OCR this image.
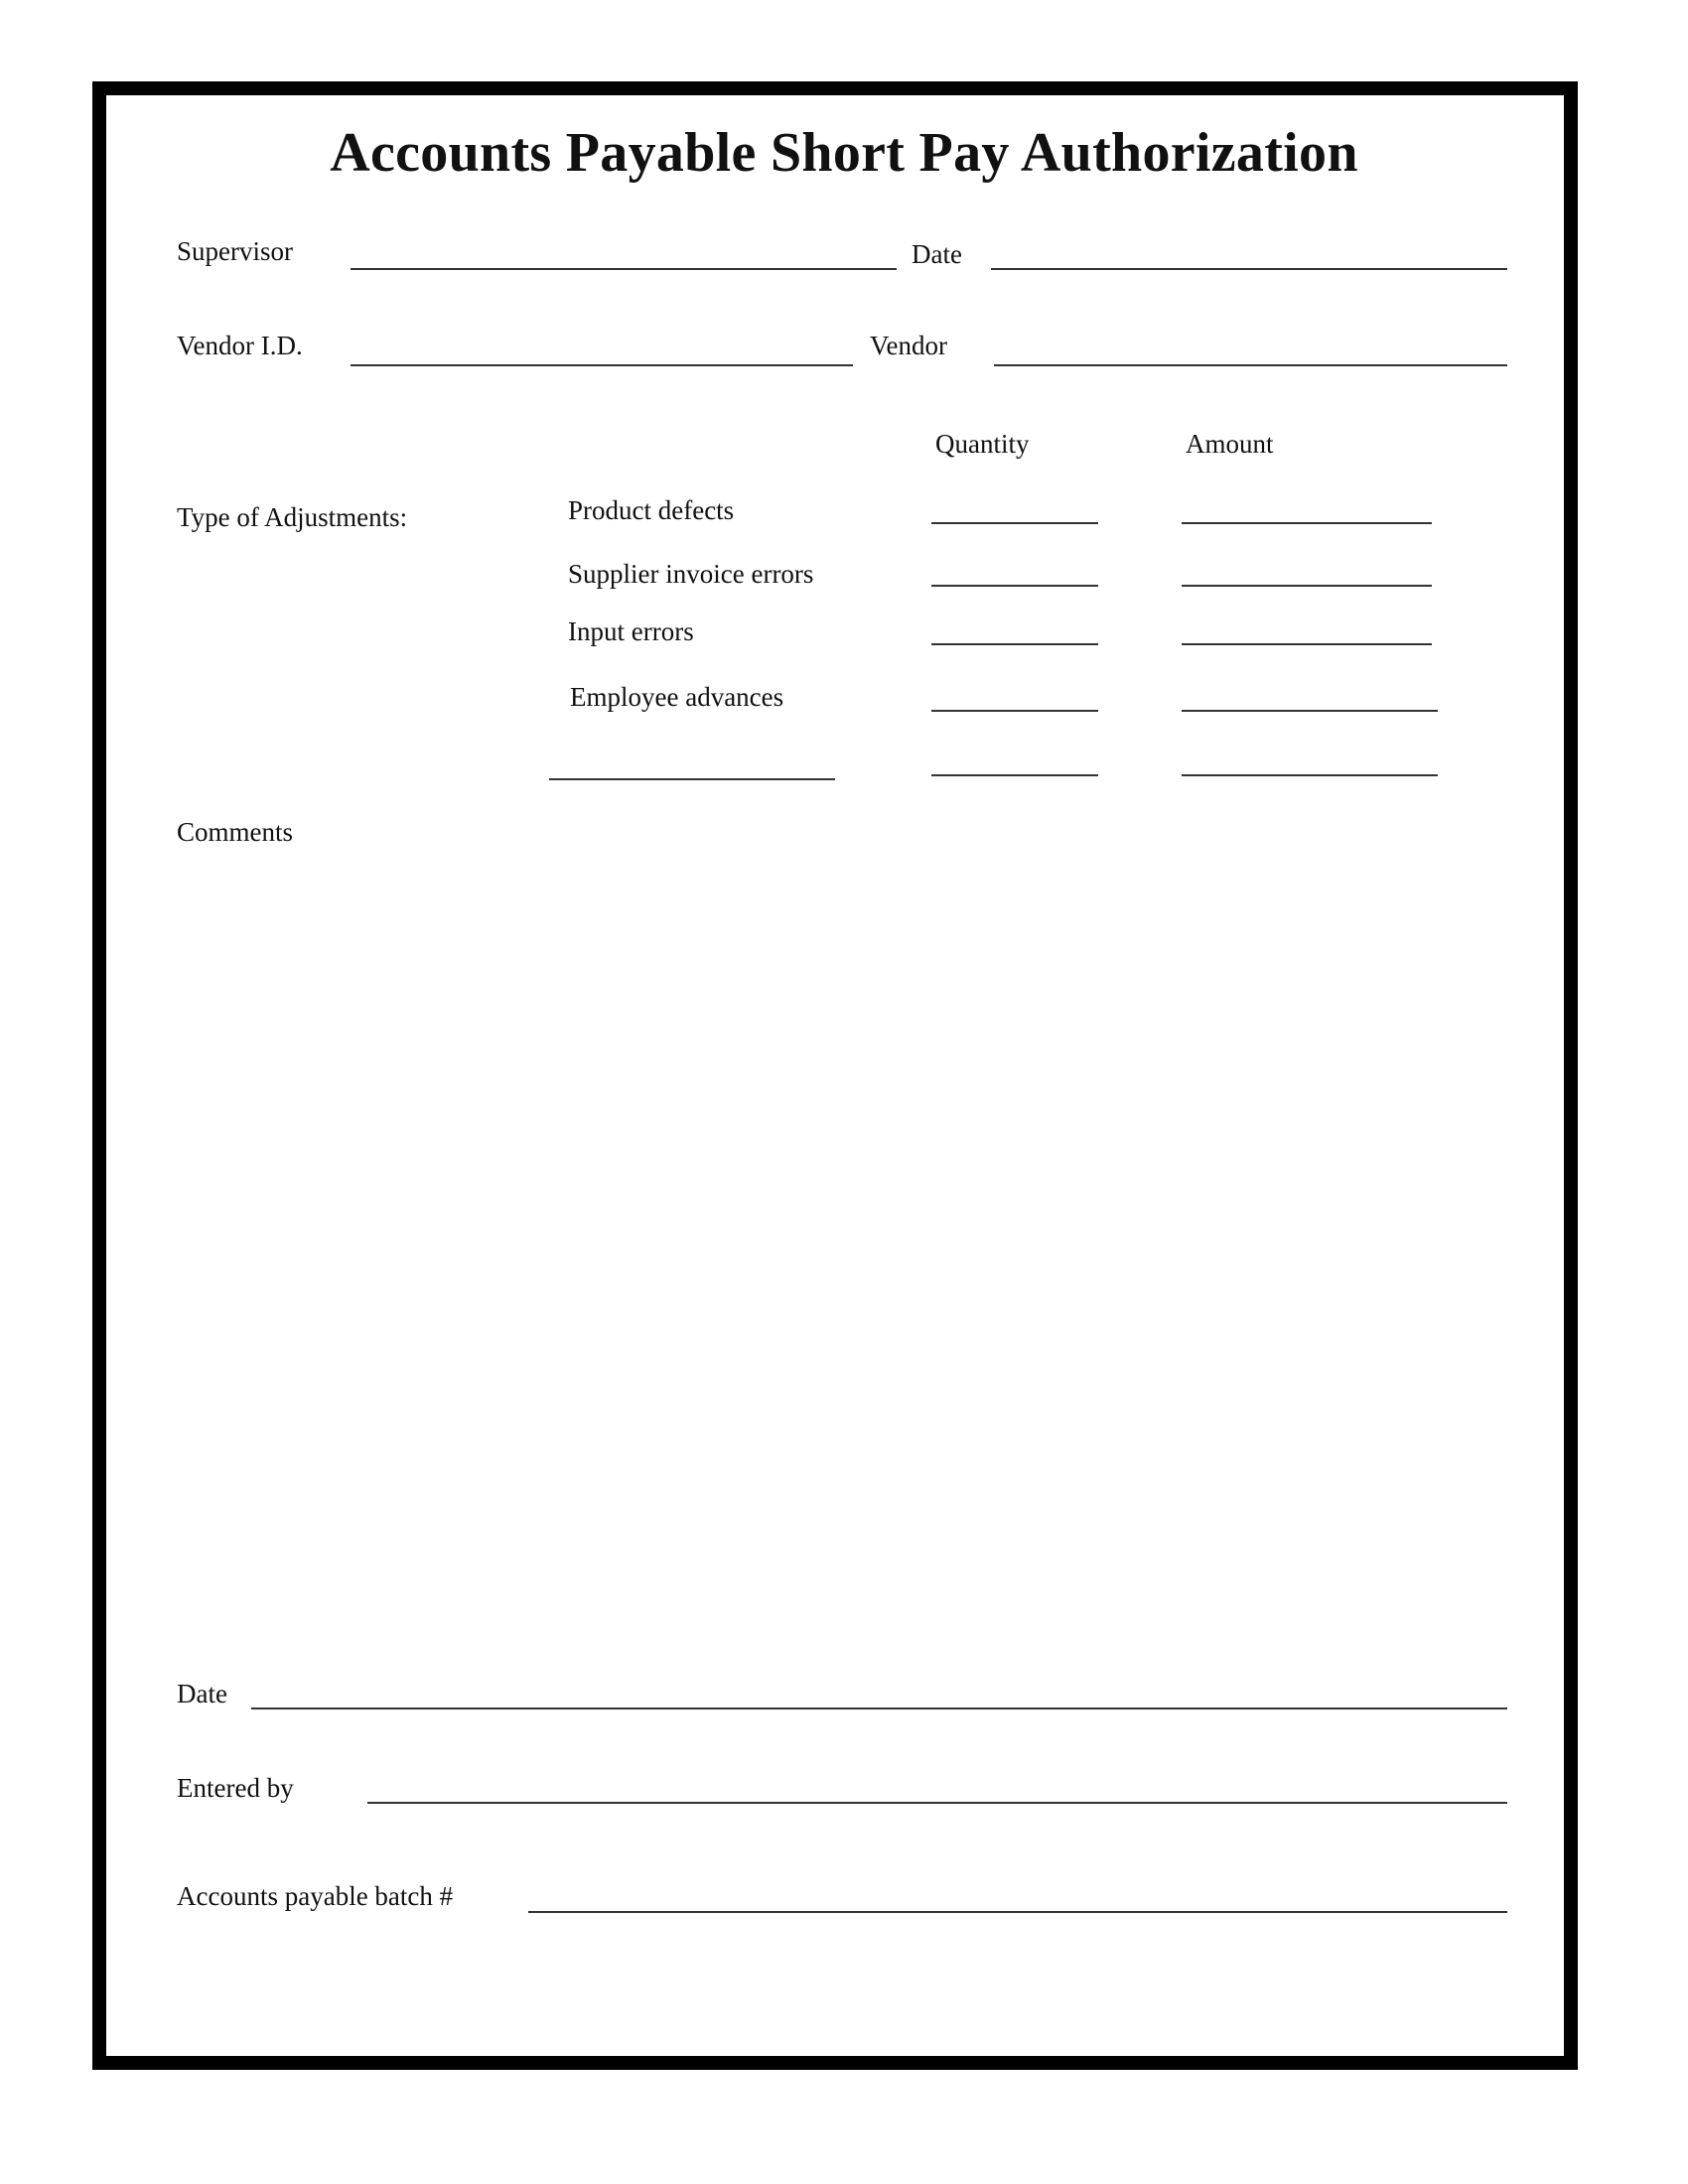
Accounts Payable Short Pay Authorization
Supervisor	Date
Vendor I.D.	Vendor
Quantity	Amount
Type of Adjustments:	Product defects
Supplier invoice errors
Input errors
Employee advances
Comments
Date
Entered by
Accounts payable batch #
